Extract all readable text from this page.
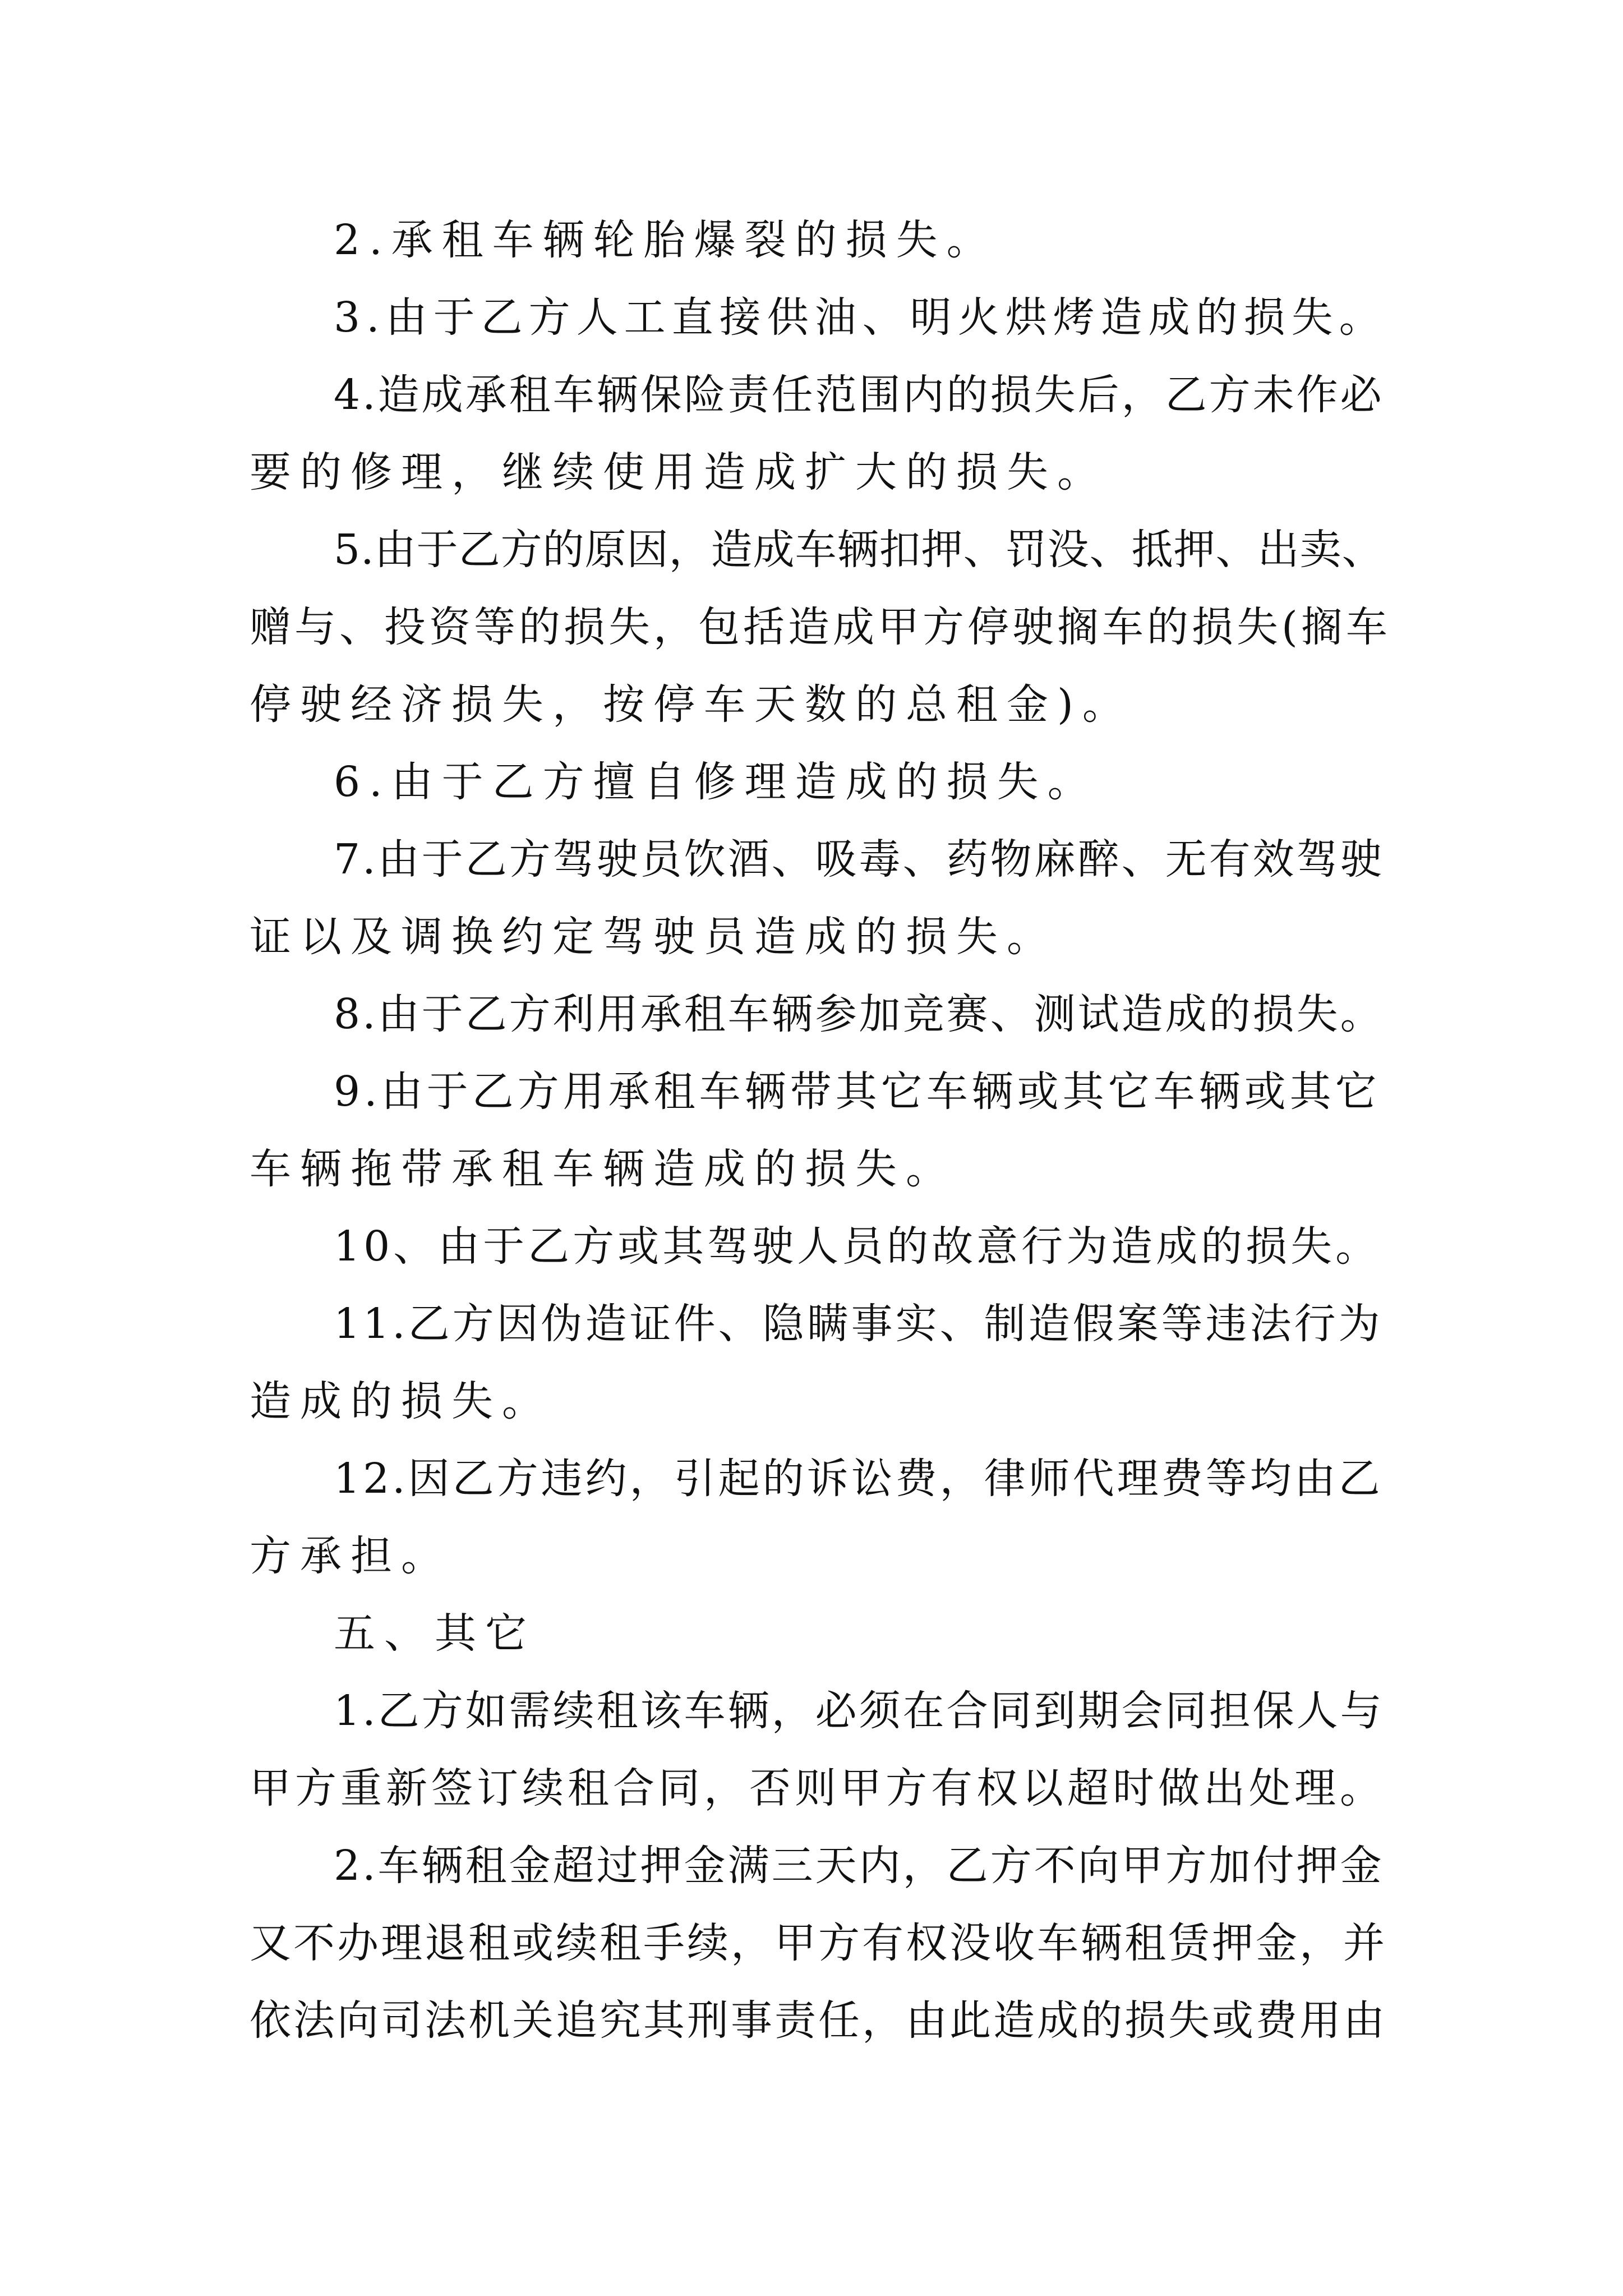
2.承租车辆轮胎爆裂的损失。
3.由于乙方人工直接供油、明火烘烤造成的损失。
4.造成承租车辆保险责任范围内的损失后，乙方未作必
要的修理，继续使用造成扩大的损失。
5.由于乙方的原因，造成车辆扣押、罚没、抵押、出卖、
赠与、投资等的损失，包括造成甲方停驶搁车的损失(搁车
停驶经济损失，按停车天数的总租金)。
6.由于乙方擅自修理造成的损失。
7.由于乙方驾驶员饮酒、吸毒、药物麻醉、无有效驾驶
证以及调换约定驾驶员造成的损失。
8.由于乙方利用承租车辆参加竞赛、测试造成的损失。
9.由于乙方用承租车辆带其它车辆或其它车辆或其它
车辆拖带承租车辆造成的损失。
10、由于乙方或其驾驶人员的故意行为造成的损失。
11.乙方因伪造证件、隐瞒事实、制造假案等违法行为
造成的损失。
12.因乙方违约，引起的诉讼费，律师代理费等均由乙
方承担。
五、其它
1.乙方如需续租该车辆，必须在合同到期会同担保人与
甲方重新签订续租合同，否则甲方有权以超时做出处理。
2.车辆租金超过押金满三天内，乙方不向甲方加付押金
又不办理退租或续租手续，甲方有权没收车辆租赁押金，并
依法向司法机关追究其刑事责任，由此造成的损失或费用由
